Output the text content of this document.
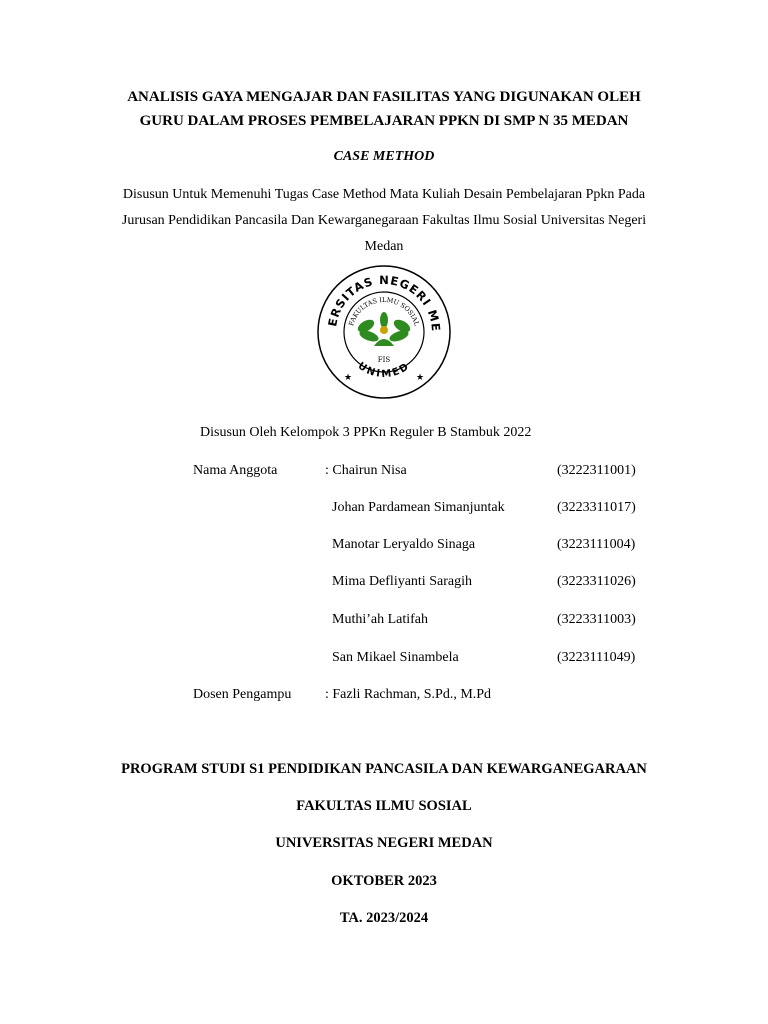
ANALISIS GAYA MENGAJAR DAN FASILITAS YANG DIGUNAKAN OLEH
GURU DALAM PROSES PEMBELAJARAN PPKN DI SMP N 35 MEDAN
CASE METHOD
Disusun Untuk Memenuhi Tugas Case Method Mata Kuliah Desain Pembelajaran Ppkn Pada
Jurusan Pendidikan Pancasila Dan Kewarganegaraan Fakultas Ilmu Sosial Universitas Negeri
Medan
ERSITAS NEGERI ME
FAKULTAS ILMU SOSIAL
UNIMED
★	★
FIS
Disusun Oleh Kelompok 3 PPKn Reguler B Stambuk 2022
Nama Anggota	: Chairun Nisa	(3222311001)
Johan Pardamean Simanjuntak	(3223311017)
Manotar Leryaldo Sinaga	(3223111004)
Mima Defliyanti Saragih	(3223311026)
Muthi’ah Latifah	(3223311003)
San Mikael Sinambela	(3223111049)
Dosen Pengampu : Fazli Rachman, S.Pd., M.Pd
PROGRAM STUDI S1 PENDIDIKAN PANCASILA DAN KEWARGANEGARAAN
FAKULTAS ILMU SOSIAL
UNIVERSITAS NEGERI MEDAN
OKTOBER 2023
TA. 2023/2024
